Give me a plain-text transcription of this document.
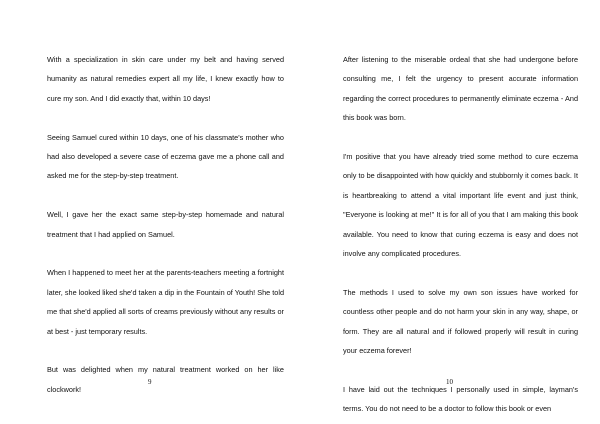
With a specialization in skin care under my belt and having served humanity as natural remedies expert all my life, I knew exactly how to cure my son. And I did exactly that, within 10 days!

Seeing Samuel cured within 10 days, one of his classmate's mother who had also developed a severe case of eczema gave me a phone call and asked me for the step-by-step treatment.

Well, I gave her the exact same step-by-step homemade and natural treatment that I had applied on Samuel.

When I happened to meet her at the parents-teachers meeting a fortnight later, she looked liked she'd taken a dip in the Fountain of Youth! She told me that she'd applied all sorts of creams previously without any results or at best - just temporary results.

But was delighted when my natural treatment worked on her like clockwork!

9

After listening to the miserable ordeal that she had undergone before consulting me, I felt the urgency to present accurate information regarding the correct procedures to permanently eliminate eczema - And this book was born.

I'm positive that you have already tried some method to cure eczema only to be disappointed with how quickly and stubbornly it comes back. It is heartbreaking to attend a vital important life event and just think, "Everyone is looking at me!" It is for all of you that I am making this book available. You need to know that curing eczema is easy and does not involve any complicated procedures.

The methods I used to solve my own son issues have worked for countless other people and do not harm your skin in any way, shape, or form. They are all natural and if followed properly will result in curing your eczema forever!

I have laid out the techniques I personally used in simple, layman's terms. You do not need to be a doctor to follow this book or even

10
